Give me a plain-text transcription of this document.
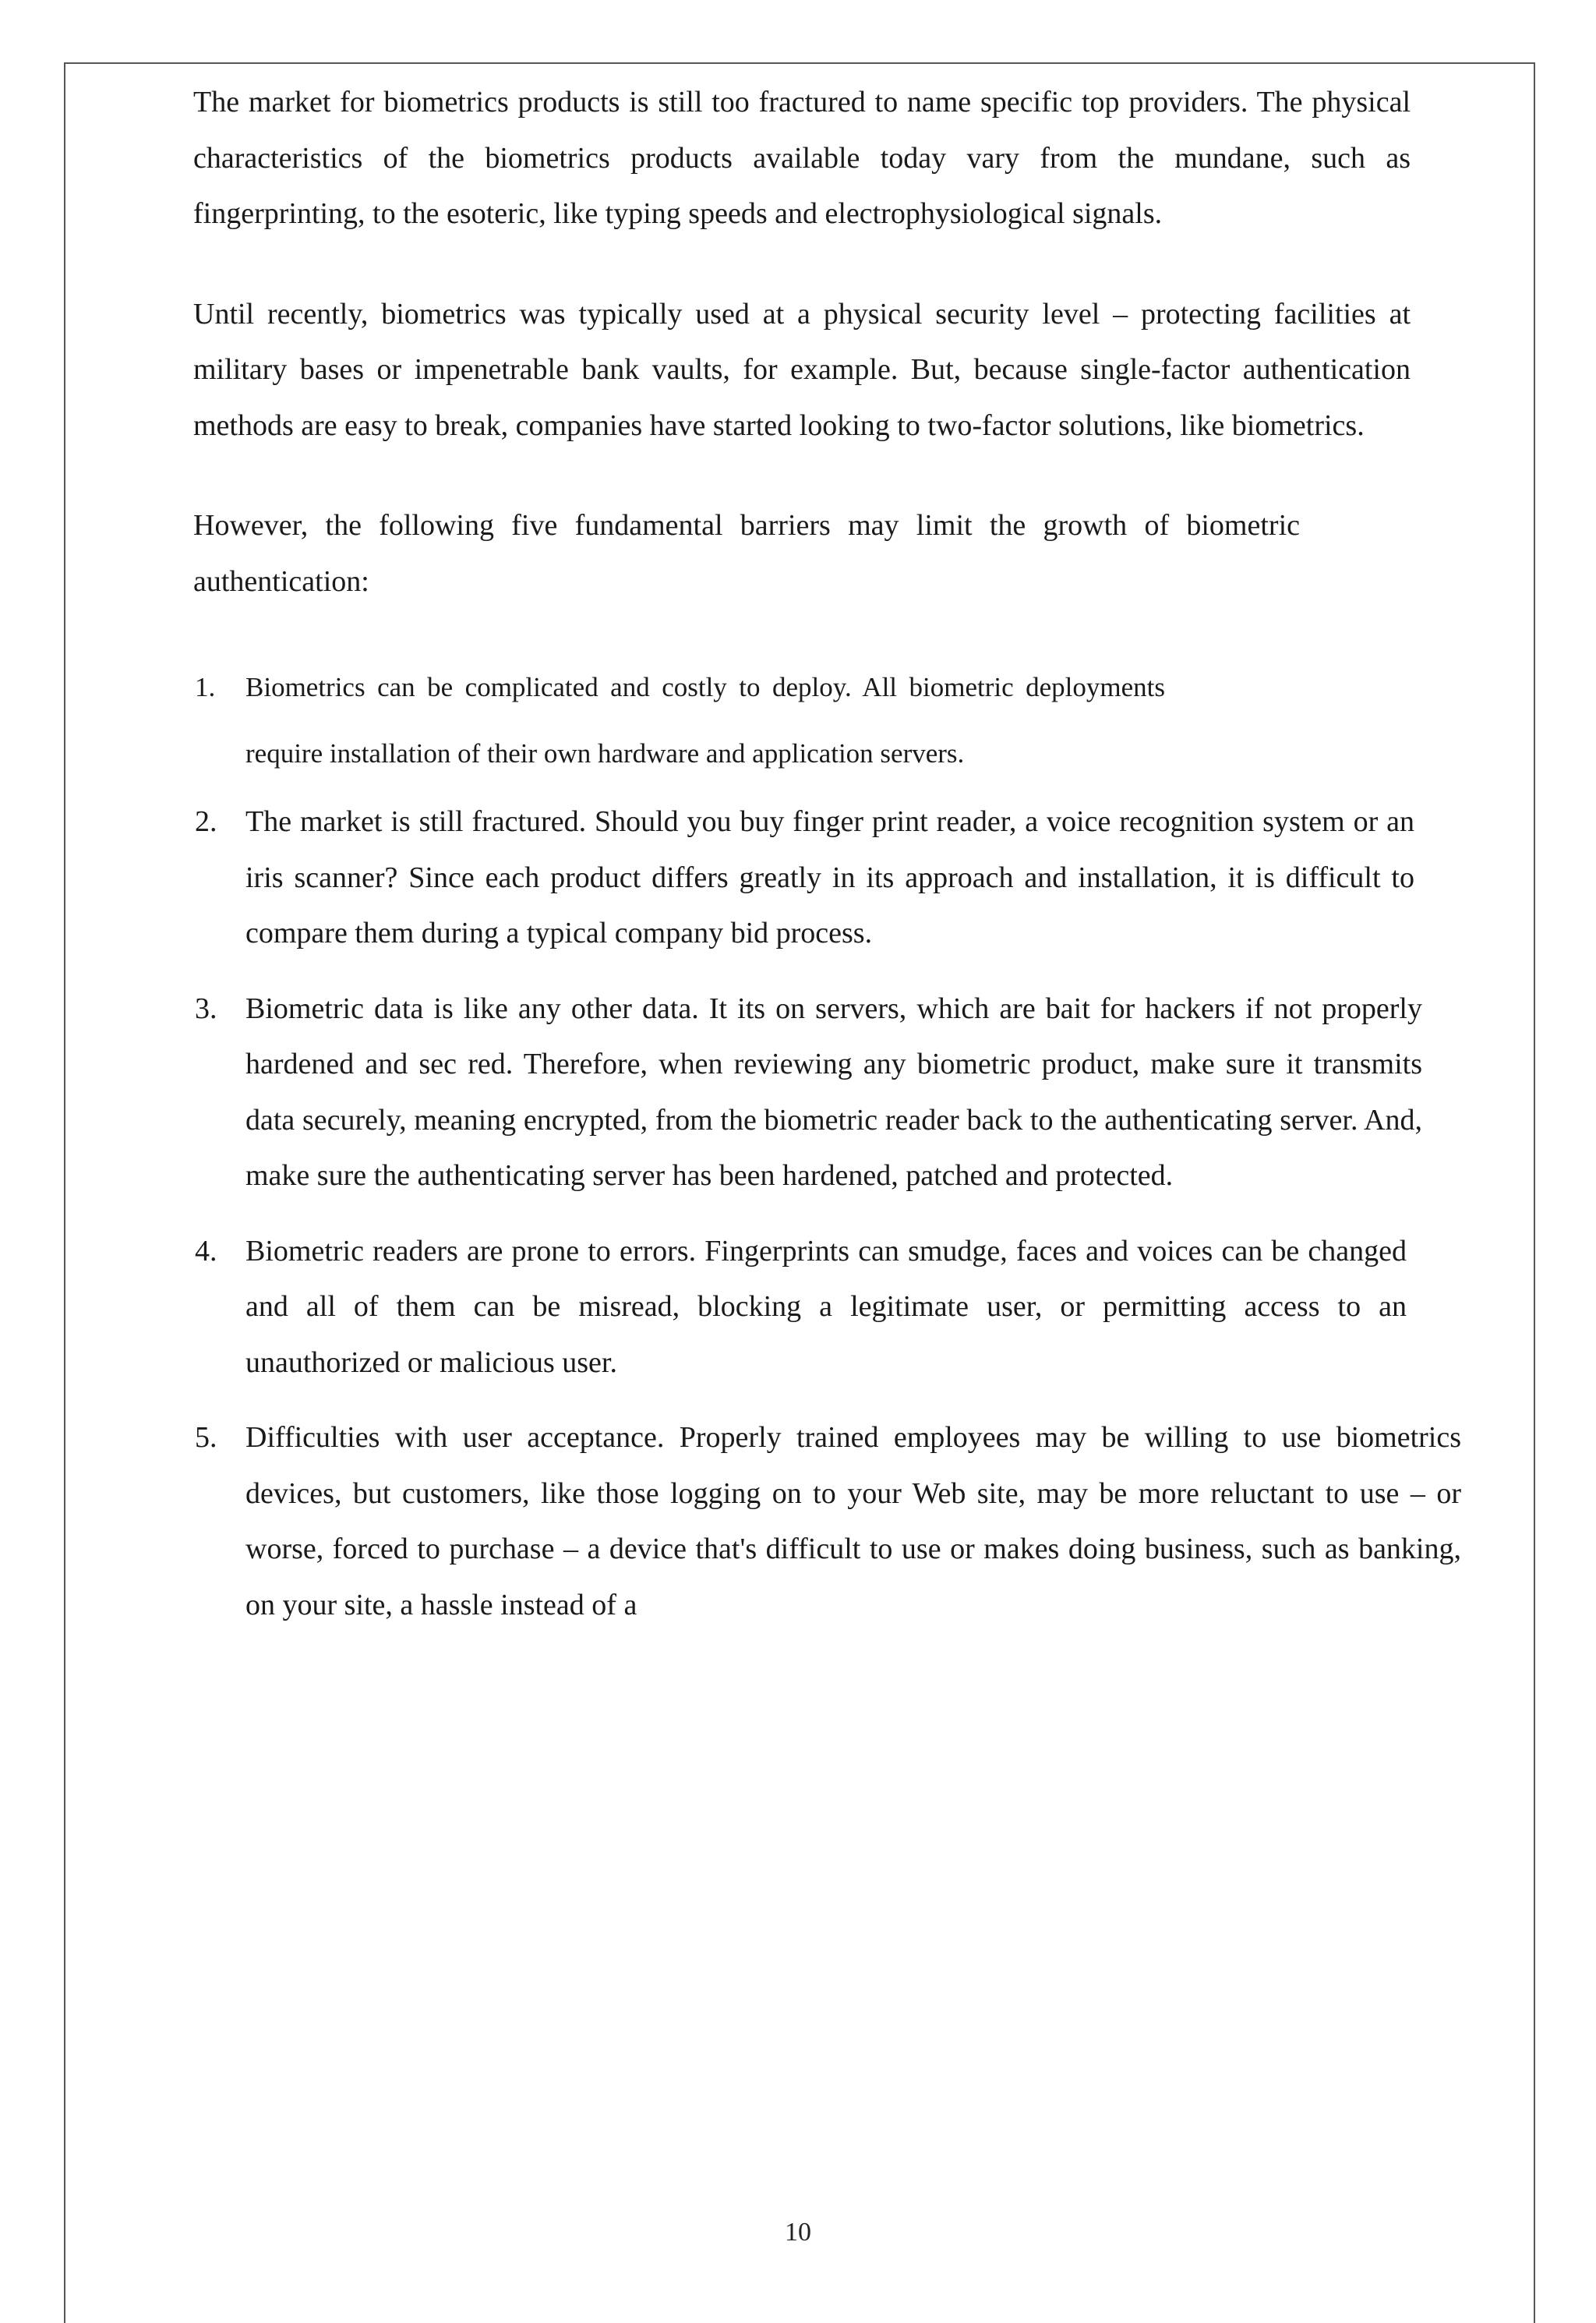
The market for biometrics products is still too fractured to name specific top providers. The physical characteristics of the biometrics products available today vary from the mundane, such as fingerprinting, to the esoteric, like typing speeds and electrophysiological signals.

Until recently, biometrics was typically used at a physical security level – protecting facilities at military bases or impenetrable bank vaults, for example. But, because single-factor authentication methods are easy to break, companies have started looking to two-factor solutions, like biometrics.

However, the following five fundamental barriers may limit the growth of biometric authentication:

1. Biometrics can be complicated and costly to deploy. All biometric deployments require installation of their own hardware and application servers.
2. The market is still fractured. Should you buy finger print reader, a voice recognition system or an iris scanner? Since each product differs greatly in its approach and installation, it is difficult to compare them during a typical company bid process.
3. Biometric data is like any other data. It its on servers, which are bait for hackers if not properly hardened and sec red. Therefore, when reviewing any biometric product, make sure it transmits data securely, meaning encrypted, from the biometric reader back to the authenticating server. And, make sure the authenticating server has been hardened, patched and protected.
4. Biometric readers are prone to errors. Fingerprints can smudge, faces and voices can be changed and all of them can be misread, blocking a legitimate user, or permitting access to an unauthorized or malicious user.
5. Difficulties with user acceptance. Properly trained employees may be willing to use biometrics devices, but customers, like those logging on to your Web site, may be more reluctant to use – or worse, forced to purchase – a device that's difficult to use or makes doing business, such as banking, on your site, a hassle instead of a
10
